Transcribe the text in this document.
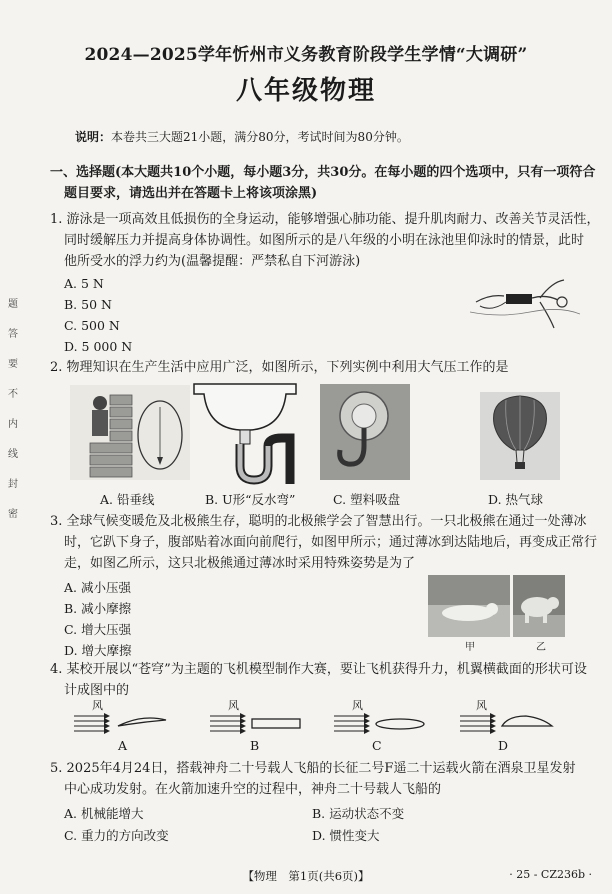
题
答
要
不
内
线
封
密
2024—2025学年忻州市义务教育阶段学生学情“大调研”
八年级物理
说明：本卷共三大题21小题，满分80分，考试时间为80分钟。
一、选择题(本大题共10个小题，每小题3分，共30分。在每小题的四个选项中，只有一项符合
题目要求，请选出并在答题卡上将该项涂黑)
1. 游泳是一项高效且低损伤的全身运动，能够增强心肺功能、提升肌肉耐力、改善关节灵活性，
同时缓解压力并提高身体协调性。如图所示的是八年级的小明在泳池里仰泳时的情景，此时
他所受水的浮力约为(温馨提醒：严禁私自下河游泳)
A. 5 N
B. 50 N
C. 500 N
D. 5 000 N
2. 物理知识在生产生活中应用广泛，如图所示，下列实例中利用大气压工作的是
A. 铅垂线	B. U形“反水弯”	C. 塑料吸盘	D. 热气球
3. 全球气候变暖危及北极熊生存，聪明的北极熊学会了智慧出行。一只北极熊在通过一处薄冰
时，它趴下身子，腹部贴着冰面向前爬行，如图甲所示；通过薄冰到达陆地后，再变成正常行
走，如图乙所示，这只北极熊通过薄冰时采用特殊姿势是为了
A. 减小压强
B. 减小摩擦
C. 增大压强
D. 增大摩擦	甲	乙
4. 某校开展以“苍穹”为主题的飞机模型制作大赛，要让飞机获得升力，机翼横截面的形状可设
计成图中的
风	风	风	风
A	B	C	D
5. 2025年4月24日，搭载神舟二十号载人飞船的长征二号F遥二十运载火箭在酒泉卫星发射
中心成功发射。在火箭加速升空的过程中，神舟二十号载人飞船的
A. 机械能增大	B. 运动状态不变
C. 重力的方向改变	D. 惯性变大
【物理　第1页(共6页)】	· 25 - CZ236b ·
